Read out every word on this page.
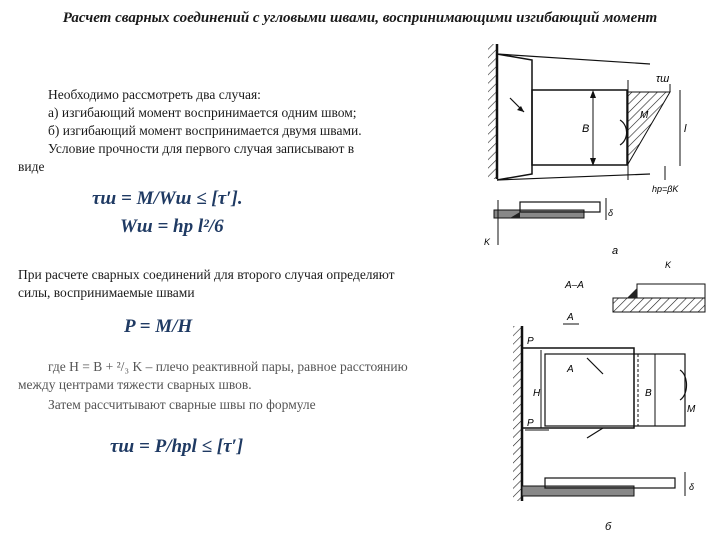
Расчет сварных соединений с угловыми швами, воспринимающими изгибающий момент
Необходимо рассмотреть два случая:
а) изгибающий момент воспринимается одним швом;
б) изгибающий момент воспринимается двумя швами.
Условие прочности для первого случая записывают в
виде
τш = M/Wш ≤ [τ′].
Wш = hp l²/6
При расчете сварных соединений для второго случая определяют
силы, воспринимаемые швами
P = M/H
где H = B + ²/₃ K – плечо реактивной пары, равное расстоянию
между центрами тяжести сварных швов.
Затем рассчитывают сварные швы по формуле
τш = P/hpl ≤ [τ′]
B	l
M
τш
hp=βK
K
δ
а
A–A
K
A
A
P
P
H	B
M
δ
б
